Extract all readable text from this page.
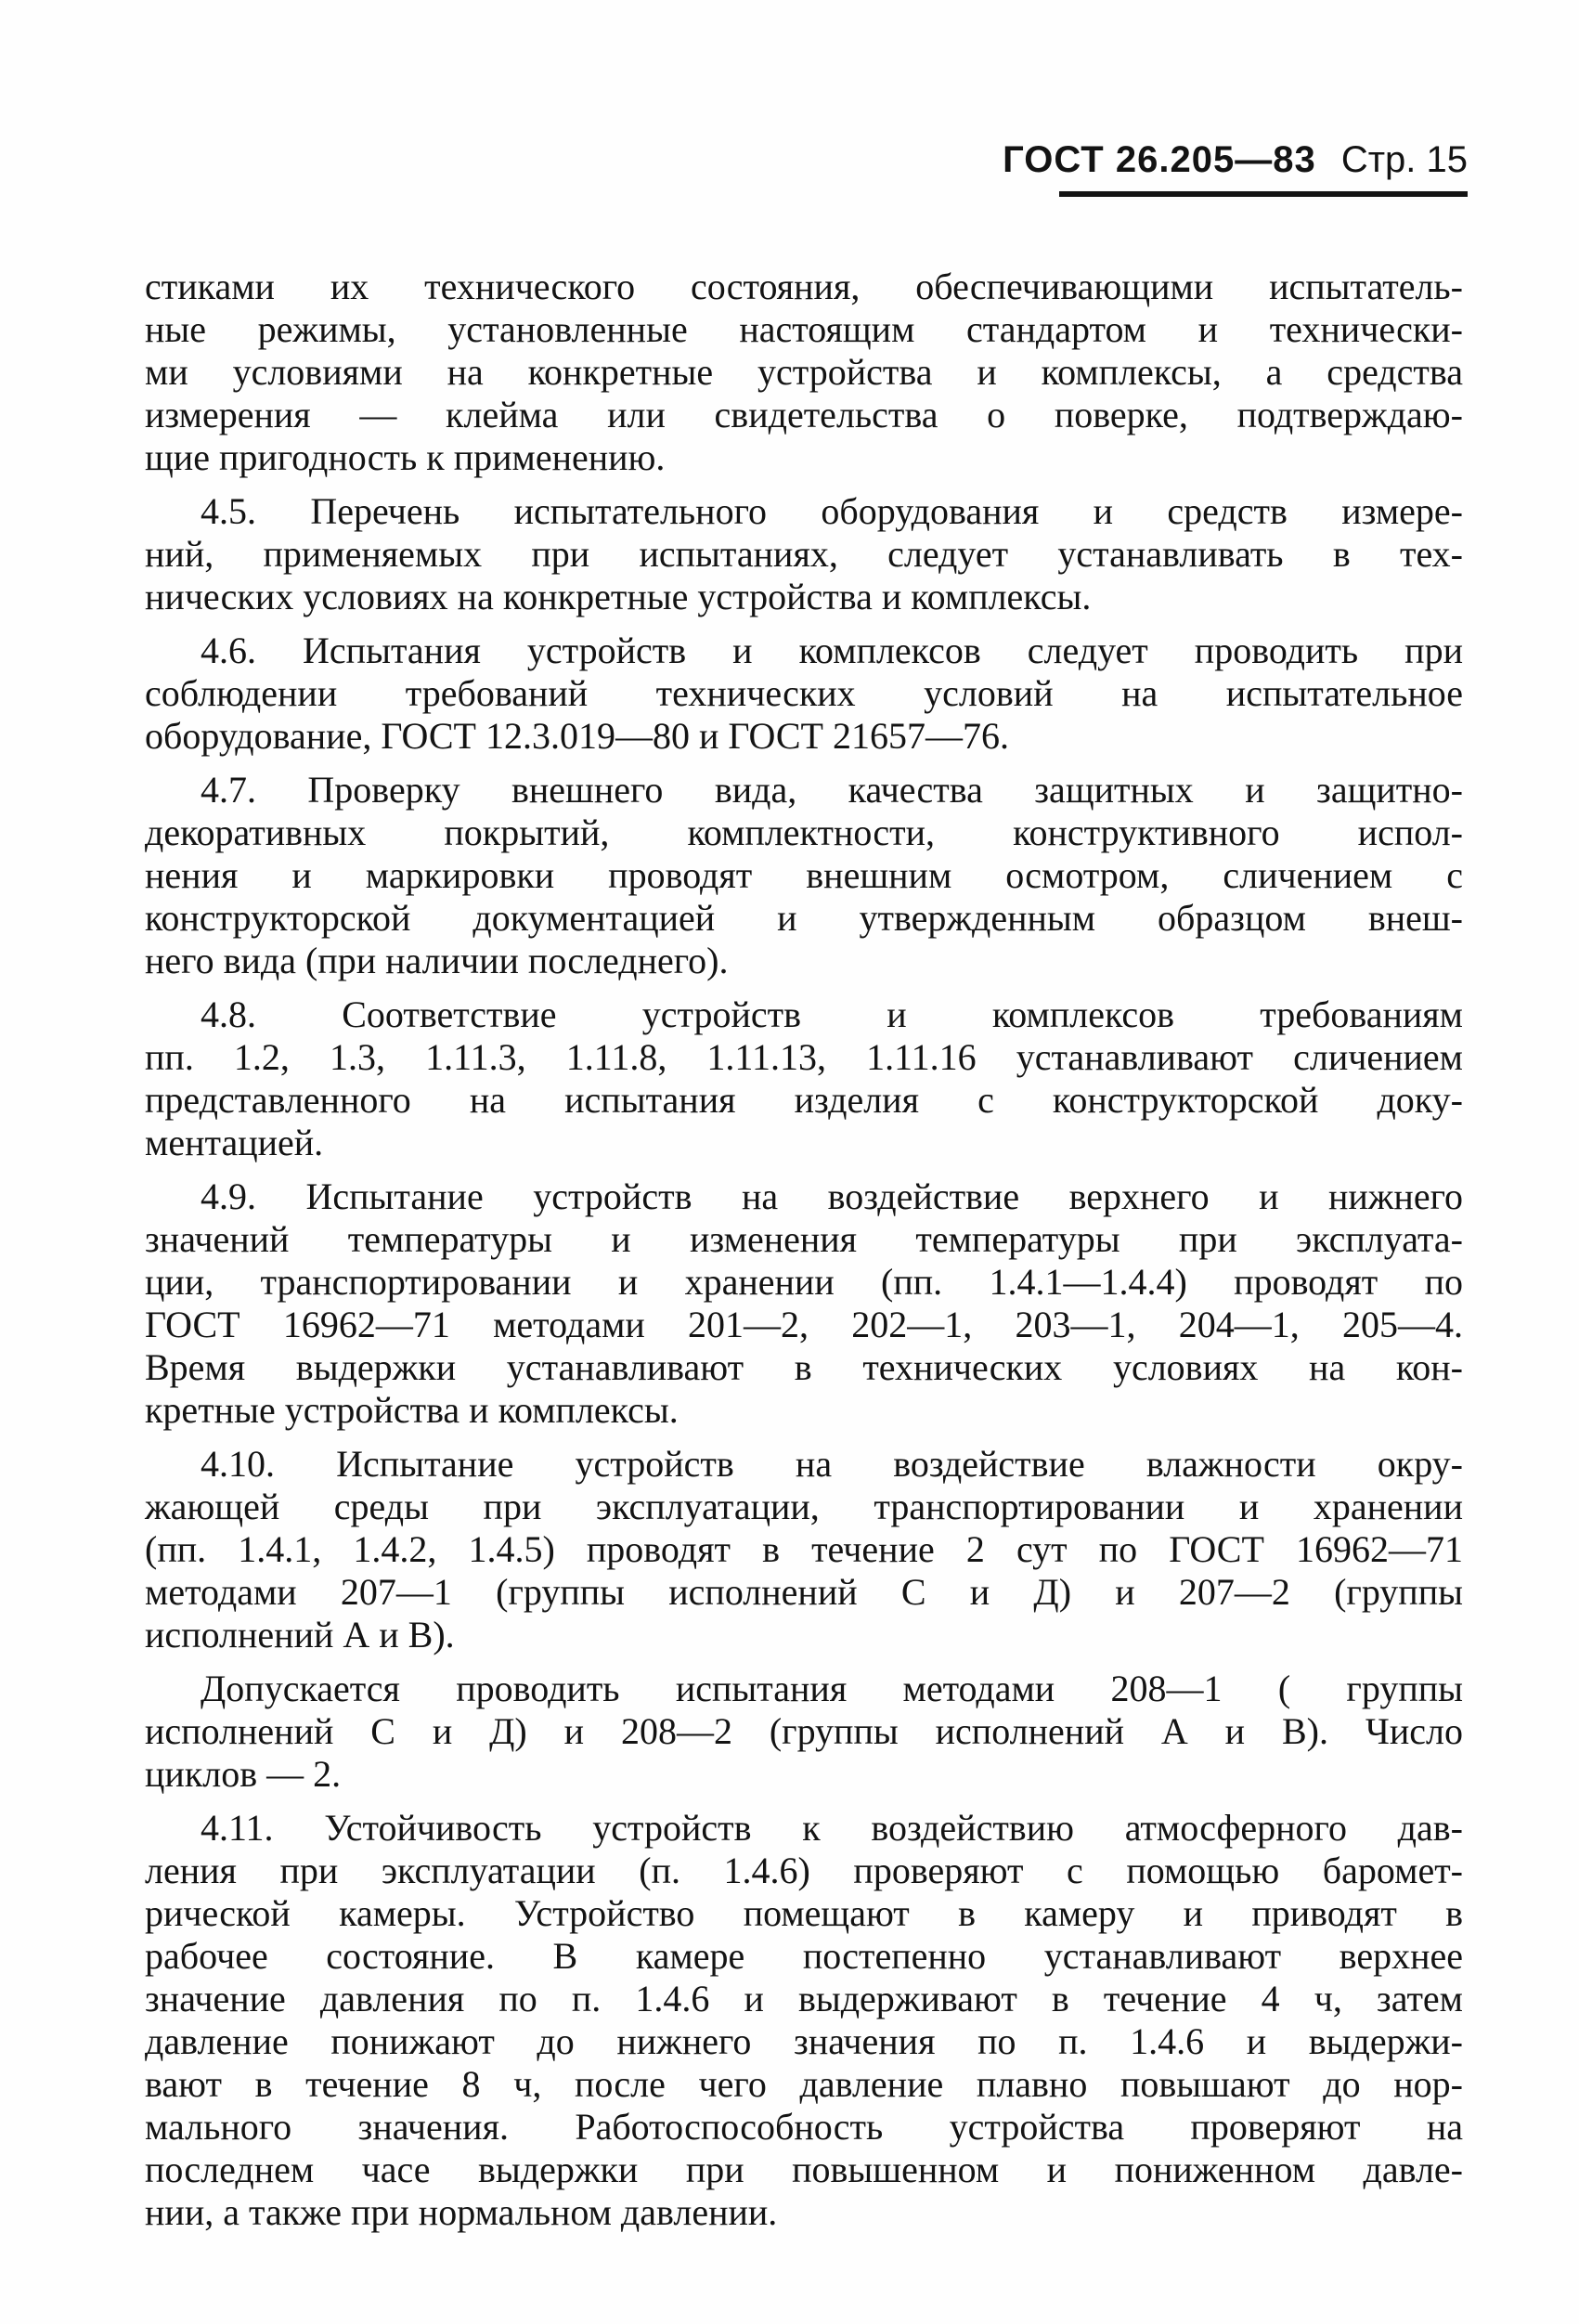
ГОСТ 26.205—83 Стр. 15
стиками их технического состояния, обеспечивающими испытатель-
ные режимы, установленные настоящим стандартом и технически-
ми условиями на конкретные устройства и комплексы, а средства
измерения — клейма или свидетельства о поверке, подтверждаю-
щие пригодность к применению.
4.5. Перечень испытательного оборудования и средств измере-
ний, применяемых при испытаниях, следует устанавливать в тех-
нических условиях на конкретные устройства и комплексы.
4.6. Испытания устройств и комплексов следует проводить при
соблюдении требований технических условий на испытательное
оборудование, ГОСТ 12.3.019—80 и ГОСТ 21657—76.
4.7. Проверку внешнего вида, качества защитных и защитно-
декоративных покрытий, комплектности, конструктивного испол-
нения и маркировки проводят внешним осмотром, сличением с
конструкторской документацией и утвержденным образцом внеш-
него вида (при наличии последнего).
4.8. Соответствие устройств и комплексов требованиям
пп. 1.2, 1.3, 1.11.3, 1.11.8, 1.11.13, 1.11.16 устанавливают сличением
представленного на испытания изделия с конструкторской доку-
ментацией.
4.9. Испытание устройств на воздействие верхнего и нижнего
значений температуры и изменения температуры при эксплуата-
ции, транспортировании и хранении (пп. 1.4.1—1.4.4) проводят по
ГОСТ 16962—71 методами 201—2, 202—1, 203—1, 204—1, 205—4.
Время выдержки устанавливают в технических условиях на кон-
кретные устройства и комплексы.
4.10. Испытание устройств на воздействие влажности окру-
жающей среды при эксплуатации, транспортировании и хранении
(пп. 1.4.1, 1.4.2, 1.4.5) проводят в течение 2 сут по ГОСТ 16962—71
методами 207—1 (группы исполнений С и Д) и 207—2 (группы
исполнений А и В).
Допускается проводить испытания методами 208—1 ( группы
исполнений С и Д) и 208—2 (группы исполнений А и В). Число
циклов — 2.
4.11. Устойчивость устройств к воздействию атмосферного дав-
ления при эксплуатации (п. 1.4.6) проверяют с помощью баромет-
рической камеры. Устройство помещают в камеру и приводят в
рабочее состояние. В камере постепенно устанавливают верхнее
значение давления по п. 1.4.6 и выдерживают в течение 4 ч, затем
давление понижают до нижнего значения по п. 1.4.6 и выдержи-
вают в течение 8 ч, после чего давление плавно повышают до нор-
мального значения. Работоспособность устройства проверяют на
последнем часе выдержки при повышенном и пониженном давле-
нии, а также при нормальном давлении.
